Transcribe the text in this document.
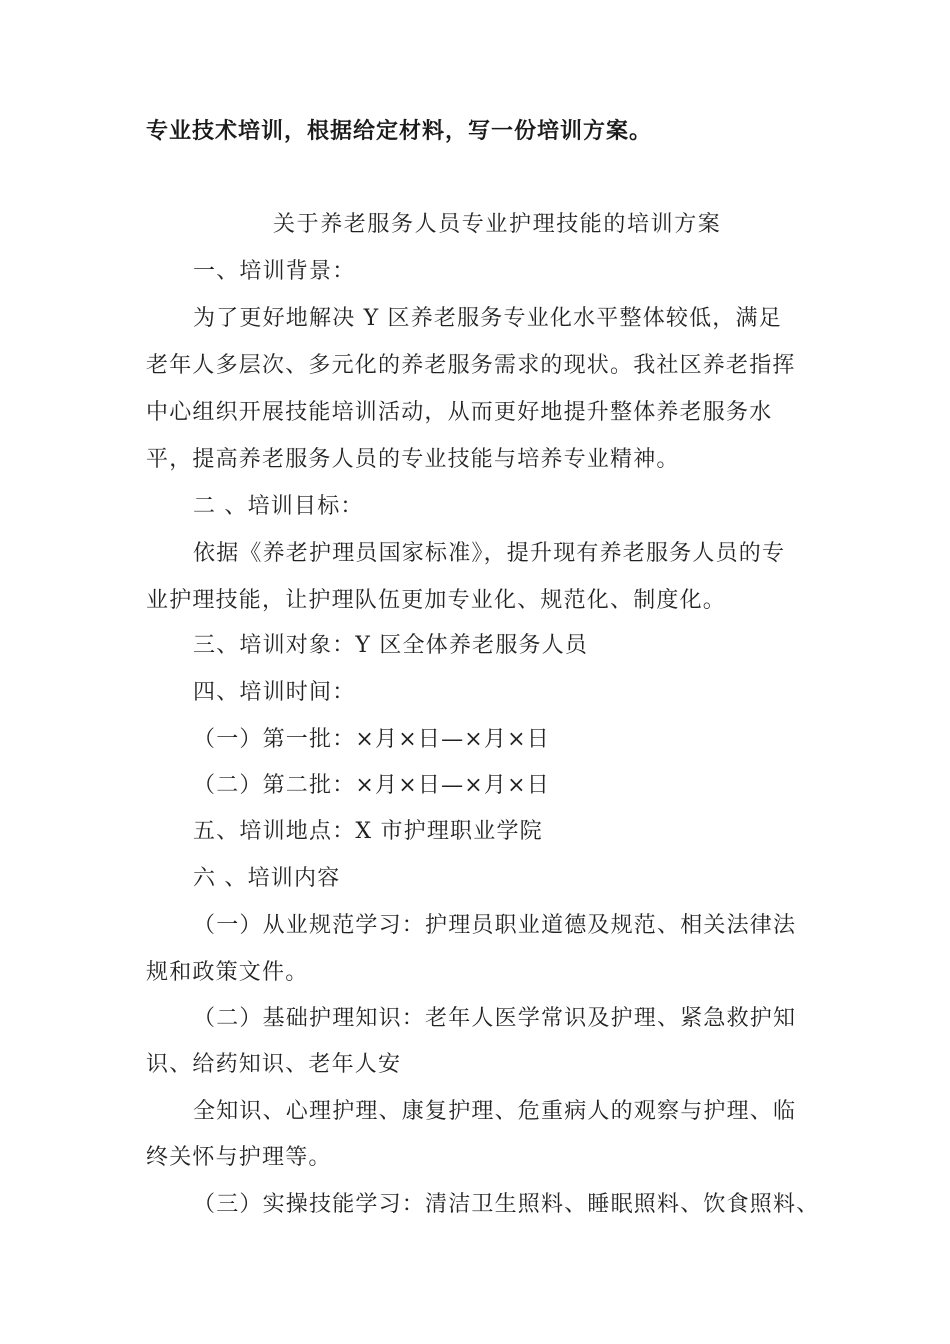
专业技术培训，根据给定材料，写一份培训方案。
关于养老服务人员专业护理技能的培训方案
一、培训背景：
为了更好地解决 Y 区养老服务专业化水平整体较低，满足
老年人多层次、多元化的养老服务需求的现状。我社区养老指挥
中心组织开展技能培训活动，从而更好地提升整体养老服务水
平，提高养老服务人员的专业技能与培养专业精神。
二 、培训目标：
依据《养老护理员国家标准》，提升现有养老服务人员的专
业护理技能，让护理队伍更加专业化、规范化、制度化。
三、培训对象：Y 区全体养老服务人员
四、培训时间：
（一）第一批：×月×日—×月×日
（二）第二批：×月×日—×月×日
五、培训地点：X 市护理职业学院
六 、培训内容
（一）从业规范学习：护理员职业道德及规范、相关法律法
规和政策文件。
（二）基础护理知识：老年人医学常识及护理、紧急救护知
识、给药知识、老年人安
全知识、心理护理、康复护理、危重病人的观察与护理、临
终关怀与护理等。
（三）实操技能学习：清洁卫生照料、睡眠照料、饮食照料、
